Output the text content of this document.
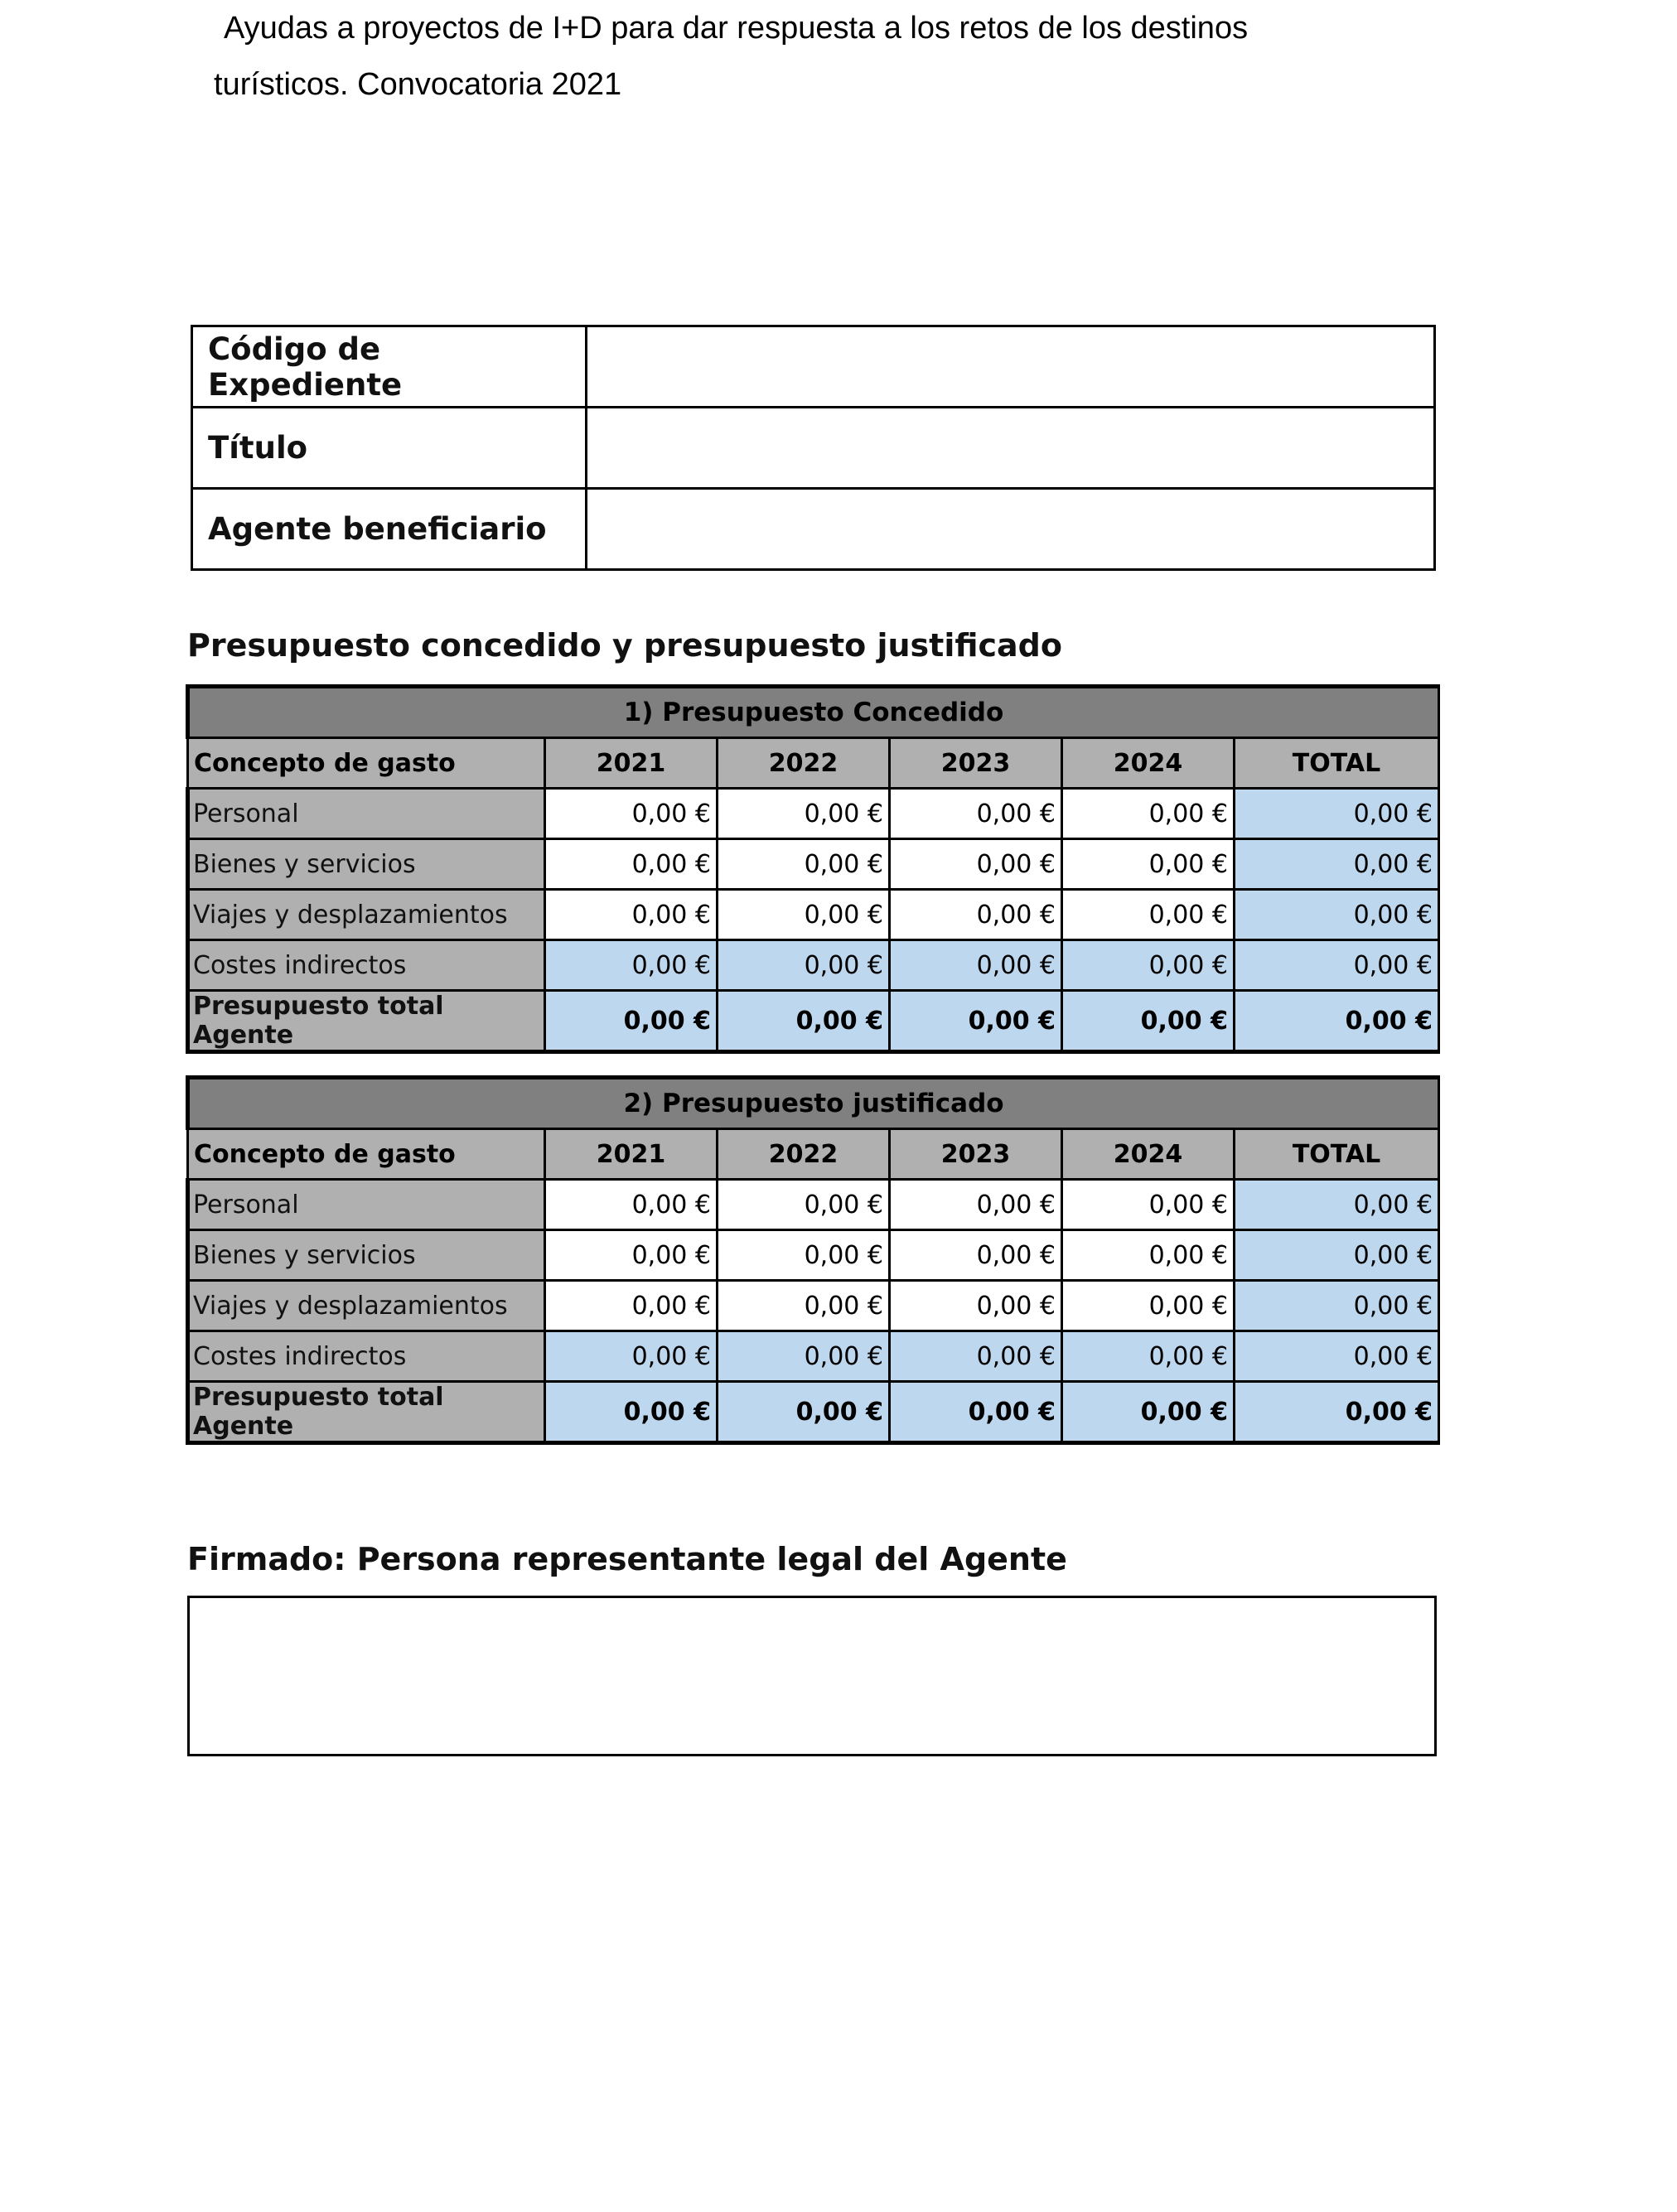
Ayudas a proyectos de I+D para dar respuesta a los retos de los destinos
turísticos. Convocatoria 2021
Código de Expediente	
Título	
Agente beneficiario	
Presupuesto concedido y presupuesto justificado
1) Presupuesto Concedido					
Concepto de gasto	2021	2022	2023	2024	TOTAL
Personal	0,00 €	0,00 €	0,00 €	0,00 €	0,00 €
Bienes y servicios	0,00 €	0,00 €	0,00 €	0,00 €	0,00 €
Viajes y desplazamientos	0,00 €	0,00 €	0,00 €	0,00 €	0,00 €
Costes indirectos	0,00 €	0,00 €	0,00 €	0,00 €	0,00 €
Presupuesto total Agente	0,00 €	0,00 €	0,00 €	0,00 €	0,00 €
2) Presupuesto justificado					
Concepto de gasto	2021	2022	2023	2024	TOTAL
Personal	0,00 €	0,00 €	0,00 €	0,00 €	0,00 €
Bienes y servicios	0,00 €	0,00 €	0,00 €	0,00 €	0,00 €
Viajes y desplazamientos	0,00 €	0,00 €	0,00 €	0,00 €	0,00 €
Costes indirectos	0,00 €	0,00 €	0,00 €	0,00 €	0,00 €
Presupuesto total Agente	0,00 €	0,00 €	0,00 €	0,00 €	0,00 €
Firmado: Persona representante legal del Agente
